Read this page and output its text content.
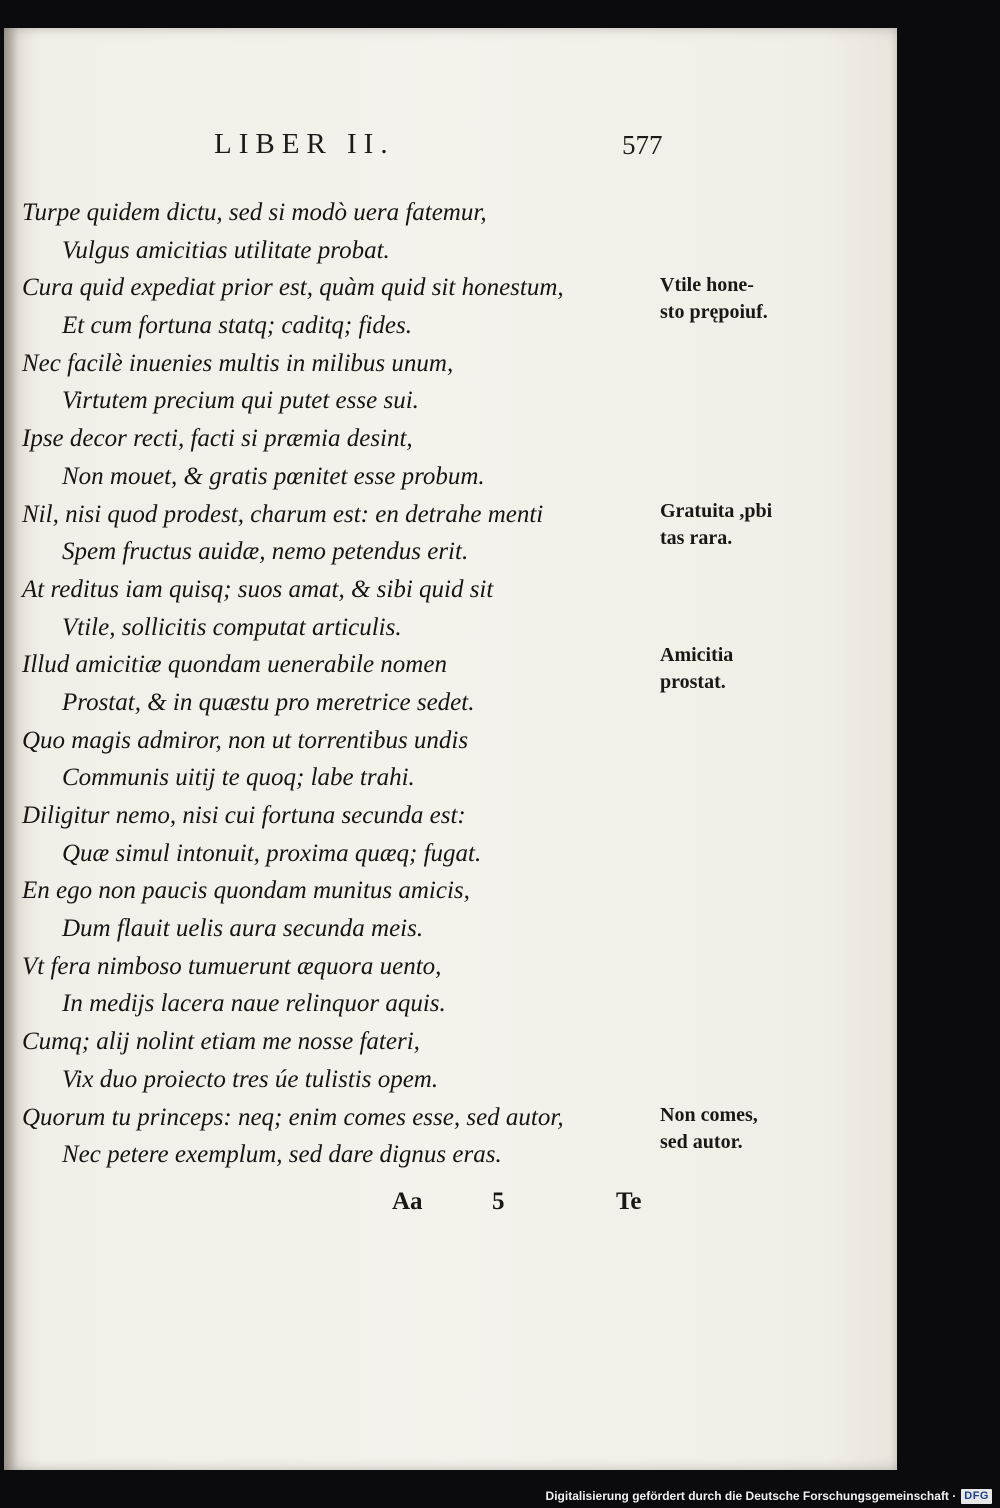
LIBER II.	577
Turpe quidem dictu, sed si modò uera fatemur,
Vulgus amicitias utilitate probat.
Cura quid expediat prior est, quàm quid sit honestum,
Et cum fortuna statq; caditq; fides.
Nec facilè inuenies multis in milibus unum,
Virtutem precium qui putet esse sui.
Ipse decor recti, facti si præmia desint,
Non mouet, & gratis pœnitet esse probum.
Nil, nisi quod prodest, charum est: en detrahe menti
Spem fructus auidæ, nemo petendus erit.
At reditus iam quisq; suos amat, & sibi quid sit
Vtile, sollicitis computat articulis.
Illud amicitiæ quondam uenerabile nomen
Prostat, & in quæstu pro meretrice sedet.
Quo magis admiror, non ut torrentibus undis
Communis uitij te quoq; labe trahi.
Diligitur nemo, nisi cui fortuna secunda est:
Quæ simul intonuit, proxima quæq; fugat.
En ego non paucis quondam munitus amicis,
Dum flauit uelis aura secunda meis.
Vt fera nimboso tumuerunt æquora uento,
In medijs lacera naue relinquor aquis.
Cumq; alij nolint etiam me nosse fateri,
Vix duo proiecto tres úe tulistis opem.
Quorum tu princeps: neq; enim comes esse, sed autor,
Nec petere exemplum, sed dare dignus eras.
Vtile hone-
sto prępoiuf.
Gratuita ,pbi
tas rara.
Amicitia
prostat.
Non comes,
sed autor.
Aa	5	Te
Digitalisierung gefördert durch die Deutsche Forschungsgemeinschaft · DFG
